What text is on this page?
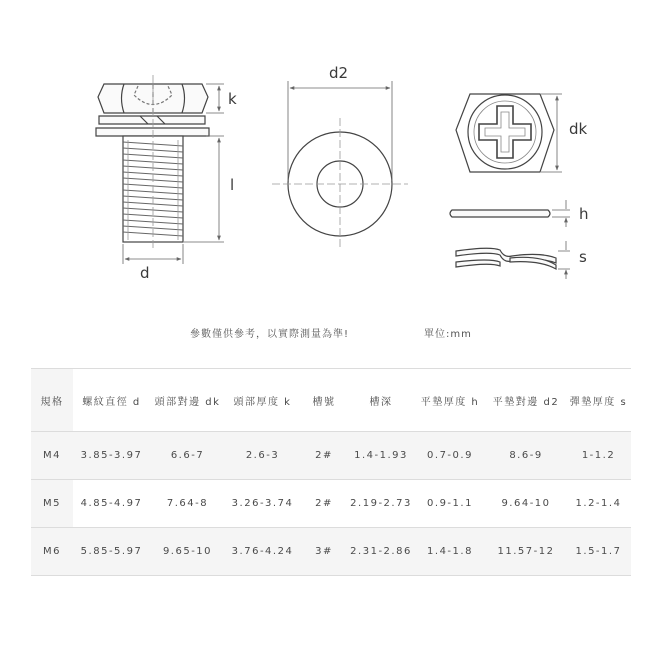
k
l
d
d2
dk
h
s
參數僅供參考，以實際測量為準!	單位:mm
規格	螺紋直徑 d	頭部對邊 dk	頭部厚度 k	槽號	槽深	平墊厚度 h	平墊對邊 d2	彈墊厚度 s
M4	3.85-3.97	6.6-7	2.6-3	2#	1.4-1.93	0.7-0.9	8.6-9	1-1.2
M5	4.85-4.97	7.64-8	3.26-3.74	2#	2.19-2.73	0.9-1.1	9.64-10	1.2-1.4
M6	5.85-5.97	9.65-10	3.76-4.24	3#	2.31-2.86	1.4-1.8	11.57-12	1.5-1.7
